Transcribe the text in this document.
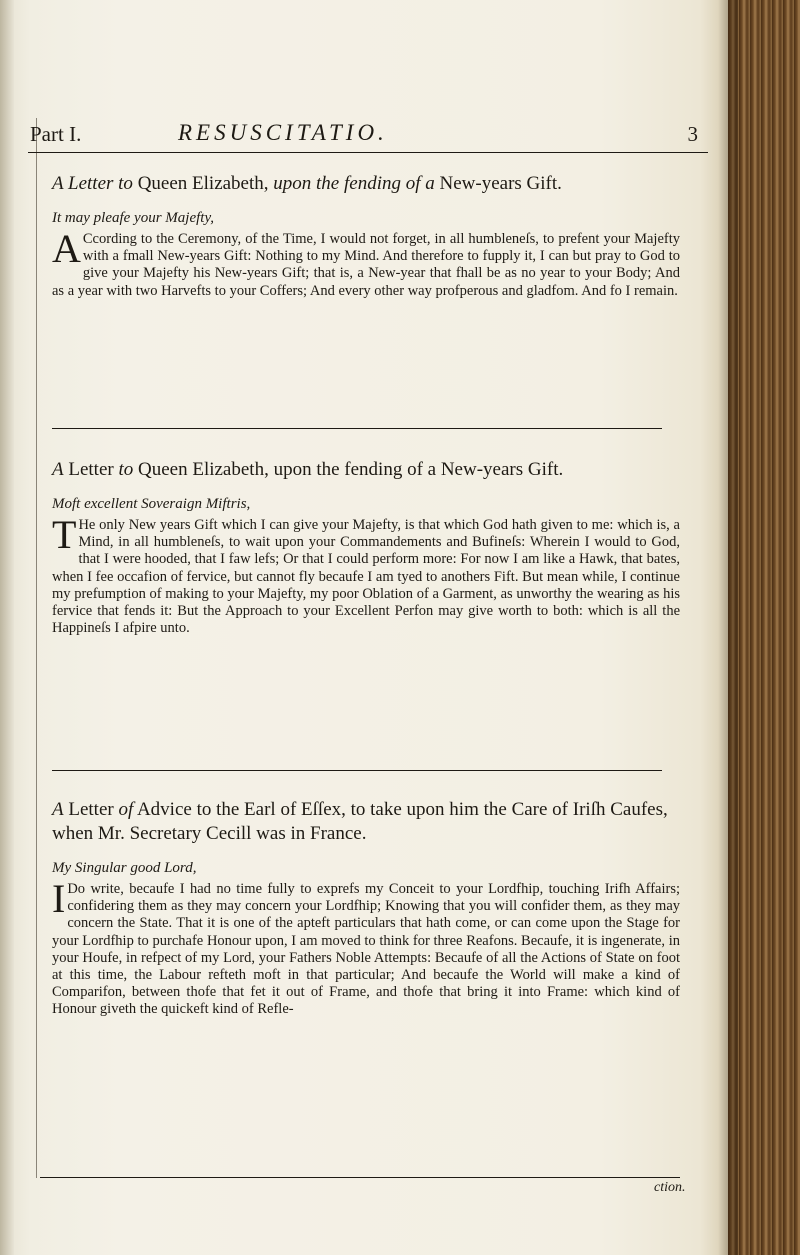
Part I.	RESUSCITATIO.	3
A Letter to Queen Elizabeth, upon the fending of a New-years Gift.
It may pleafe your Majefty,
A Ccording to the Ceremony, of the Time, I would not forget, in all humbleneſs, to prefent your Majefty with a fmall New-years Gift: Nothing to my Mind. And therefore to fupply it, I can but pray to God to give your Majefty his New-years Gift; that is, a New-year that fhall be as no year to your Body; And as a year with two Harvefts to your Coffers; And every other way profperous and gladfom. And fo I remain.
A Letter to Queen Elizabeth, upon the fending of a New-years Gift.
Moft excellent Soveraign Miftris,
T He only New years Gift which I can give your Majefty, is that which God hath given to me: which is, a Mind, in all humbleneſs, to wait upon your Commandements and Bufineſs: Wherein I would to God, that I were hooded, that I faw lefs; Or that I could perform more: For now I am like a Hawk, that bates, when I fee occafion of fervice, but cannot fly becaufe I am tyed to anothers Fift. But mean while, I continue my prefumption of making to your Majefty, my poor Oblation of a Garment, as unworthy the wearing as his fervice that fends it: But the Approach to your Excellent Perfon may give worth to both: which is all the Happineſs I afpire unto.
A Letter of Advice to the Earl of Eſſex, to take upon him the Care of Iriſh Caufes, when Mr. Secretary Cecill was in France.
My Singular good Lord,
I Do write, becaufe I had no time fully to exprefs my Conceit to your Lordfhip, touching Irifh Affairs; confidering them as they may concern your Lordfhip; Knowing that you will confider them, as they may concern the State. That it is one of the apteft particulars that hath come, or can come upon the Stage for your Lordfhip to purchafe Honour upon, I am moved to think for three Reafons. Becaufe, it is ingenerate, in your Houfe, in refpect of my Lord, your Fathers Noble Attempts: Becaufe of all the Actions of State on foot at this time, the Labour refteth moft in that particular; And becaufe the World will make a kind of Comparifon, between thofe that fet it out of Frame, and thofe that bring it into Frame: which kind of Honour giveth the quickeft kind of Refle-
ction.
